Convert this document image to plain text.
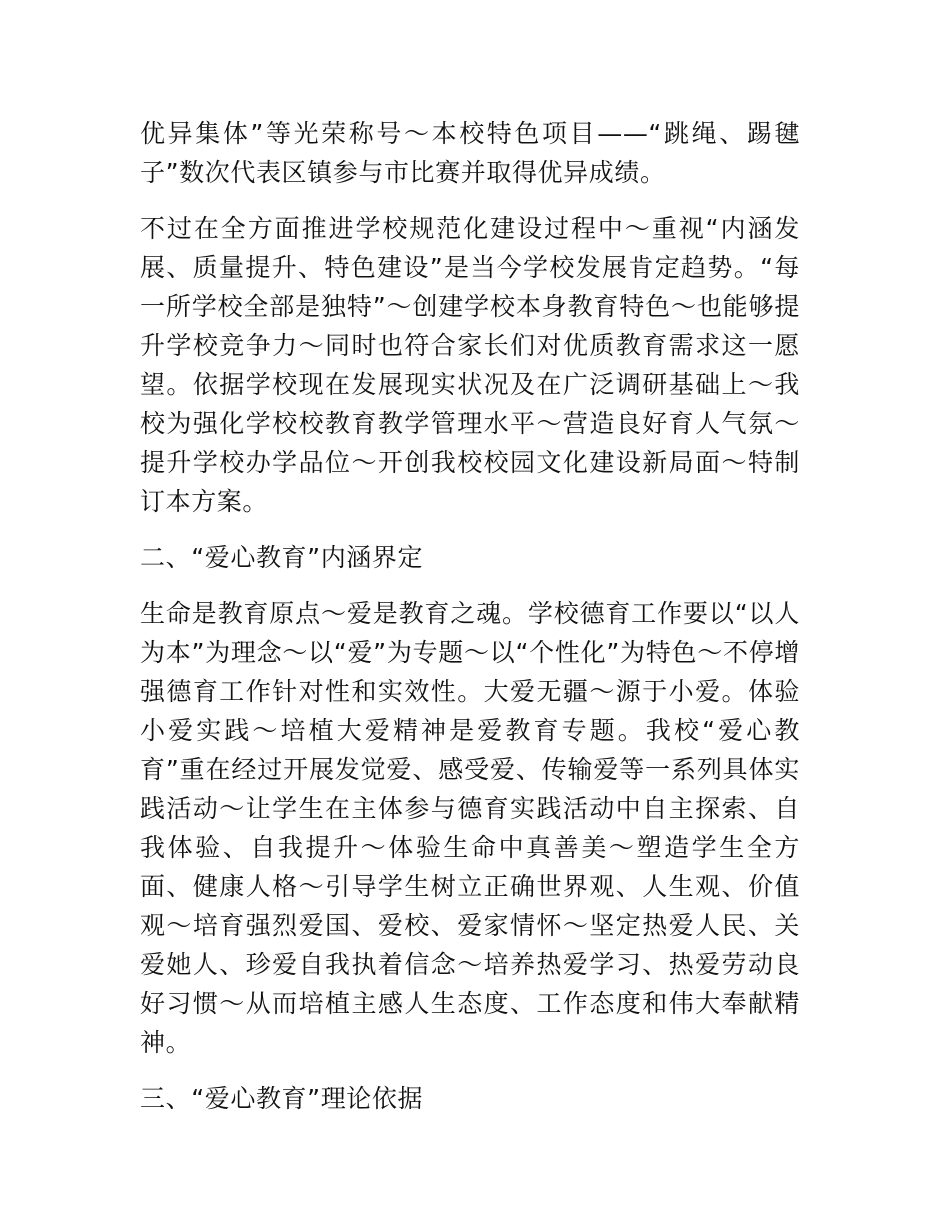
优异集体”等光荣称号～本校特色项目——“跳绳、踢毽子”数次代表区镇参与市比赛并取得优异成绩。

不过在全方面推进学校规范化建设过程中～重视“内涵发展、质量提升、特色建设”是当今学校发展肯定趋势。“每一所学校全部是独特”～创建学校本身教育特色～也能够提升学校竞争力～同时也符合家长们对优质教育需求这一愿望。依据学校现在发展现实状况及在广泛调研基础上～我校为强化学校校教育教学管理水平～营造良好育人气氛～提升学校办学品位～开创我校校园文化建设新局面～特制订本方案。

二、“爱心教育”内涵界定

生命是教育原点～爱是教育之魂。学校德育工作要以“以人为本”为理念～以“爱”为专题～以“个性化”为特色～不停增强德育工作针对性和实效性。大爱无疆～源于小爱。体验小爱实践～培植大爱精神是爱教育专题。我校“爱心教育”重在经过开展发觉爱、感受爱、传输爱等一系列具体实践活动～让学生在主体参与德育实践活动中自主探索、自我体验、自我提升～体验生命中真善美～塑造学生全方面、健康人格～引导学生树立正确世界观、人生观、价值观～培育强烈爱国、爱校、爱家情怀～坚定热爱人民、关爱她人、珍爱自我执着信念～培养热爱学习、热爱劳动良好习惯～从而培植主感人生态度、工作态度和伟大奉献精神。

三、“爱心教育”理论依据
